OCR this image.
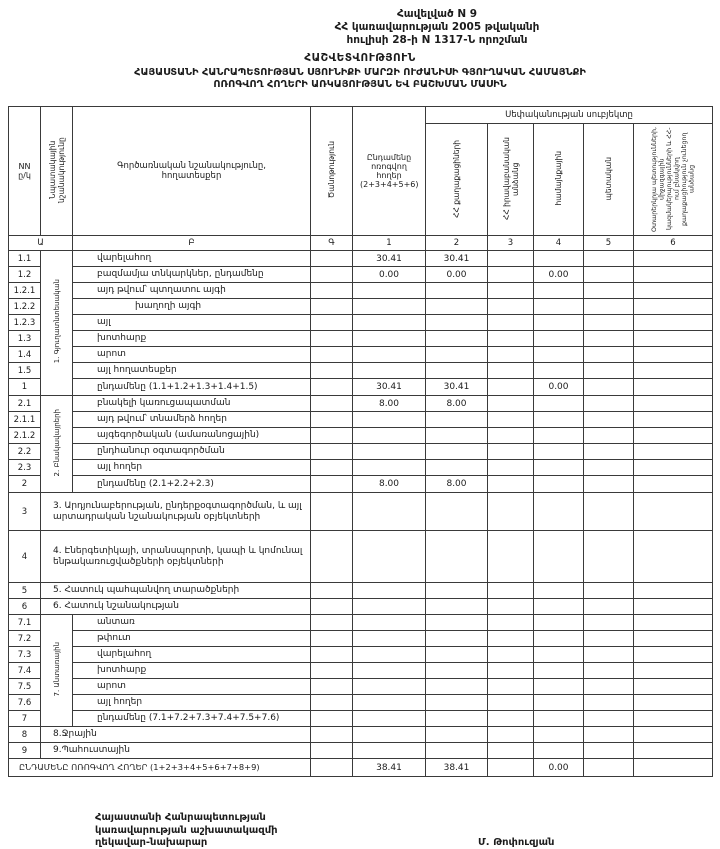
Հավելված N 9
ՀՀ կառավարության 2005 թվականի
հուլիսի 28-ի N 1317-Ն որոշման
ՀԱՇՎԵՏՎՈՒԹՅՈՒՆ
ՀԱՅԱՍՏԱՆԻ ՀԱՆՐԱՊԵՏՈՒԹՅԱՆ ՍՅՈՒՆԻՔԻ ՄԱՐԶԻ ՈՒԺԱՆԻՍԻ ԳՅՈՒՂԱԿԱՆ ՀԱՄԱՅՆՔԻ
ՈՌՈԳՎՈՂ ՀՈՂԵՐԻ ԱՌԿԱՅՈՒԹՅԱՆ ԵՎ ԲԱՇԽՄԱՆ ՄԱՍԻՆ
NN ը/կ	Նպատակային նշանակությունը	Գործառնական նշանակությունը, հողատեսքեր	Ծանոթություն	Ընդամենը ոռոգվող հողեր (2+3+4+5+6)	Սեփականության սուբյեկտը				
					ՀՀ քաղաքացիների	ՀՀ իրավաբանական անձանց	համայնքային	պետական	Օտարերկրյա պետությունների, միջազգային կազմակերպությունների և ՀՀ-ում բնակվող քաղաքացիություն չունեցող անձանց
Ա		Բ	Գ	1	2	3	4	5	6
1.1	1. Գյուղատնտեսական	վարելահող		30.41	30.41				
1.2		բազմամյա տնկարկներ, ընդամենը		0.00	0.00		0.00		
1.2.1		այդ թվում՝ պտղատու այգի							
1.2.2		խաղողի այգի							
1.2.3		այլ							
1.3		խոտհարք							
1.4		արոտ							
1.5		այլ հողատեսքեր							
1		ընդամենը (1.1+1.2+1.3+1.4+1.5)		30.41	30.41		0.00		
2.1	2. Բնակավայրերի	բնակելի կառուցապատման		8.00	8.00				
2.1.1		այդ թվում՝ տնամերձ հողեր							
2.1.2		այգեգործական (ամառանոցային)							
2.2		ընդհանուր օգտագործման							
2.3		այլ հողեր							
2		ընդամենը (2.1+2.2+2.3)		8.00	8.00				
3	3. Արդյունաբերության, ընդերքօգտագործման, և այլ արտադրական նշանակության օբյեկտների								
4	4. Էներգետիկայի, տրանսպորտի, կապի և կոմունալ ենթակառուցվածքների օբյեկտների								
5	5. Հատուկ պահպանվող տարածքների								
6	6. Հատուկ նշանակության								
7.1	7. Անտառային	անտառ							
7.2		թփուտ							
7.3		վարելահող							
7.4		խոտհարք							
7.5		արոտ							
7.6		այլ հողեր							
7		ընդամենը (7.1+7.2+7.3+7.4+7.5+7.6)							
8	8.Ջրային								
9	9.Պահուստային								
ԸՆԴԱՄԵՆԸ ՈՌՈԳՎՈՂ ՀՈՂԵՐ (1+2+3+4+5+6+7+8+9)				38.41	38.41		0.00		
Հայաստանի Հանրապետության
կառավարության աշխատակազմի
ղեկավար-նախարար	Մ. Թոփուզյան
